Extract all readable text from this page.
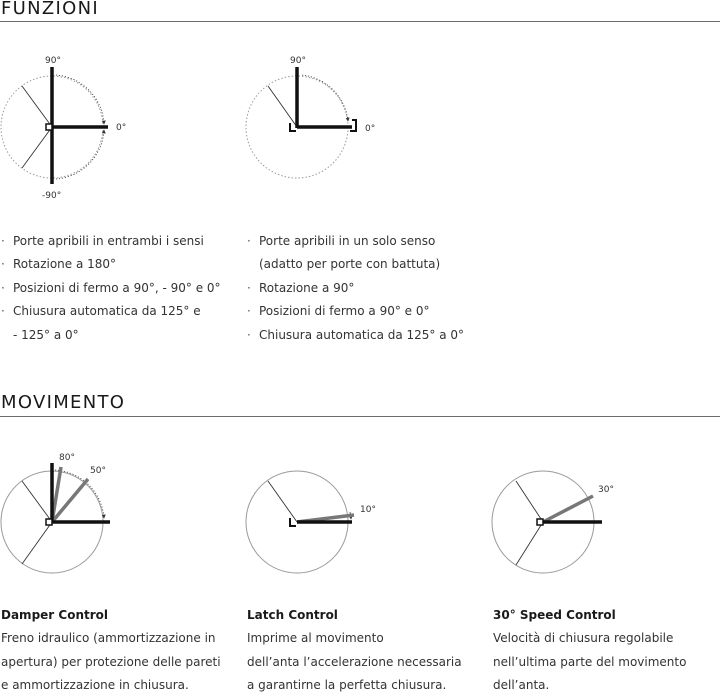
FUNZIONI
MOVIMENTO
90°
0°
-90°
90°
0°
80°
50°
10°
30°
· Porte apribili in entrambi i sensi
· Rotazione a 180°
· Posizioni di fermo a 90°, - 90° e 0°
· Chiusura automatica da 125° e
- 125° a 0°
· Porte apribili in un solo senso
(adatto per porte con battuta)
· Rotazione a 90°
· Posizioni di fermo a 90° e 0°
· Chiusura automatica da 125° a 0°
Damper Control
Freno idraulico (ammortizzazione in
apertura) per protezione delle pareti
e ammortizzazione in chiusura.
Latch Control
Imprime al movimento
dell’anta l’accelerazione necessaria
a garantirne la perfetta chiusura.
30° Speed Control
Velocità di chiusura regolabile
nell’ultima parte del movimento
dell’anta.
